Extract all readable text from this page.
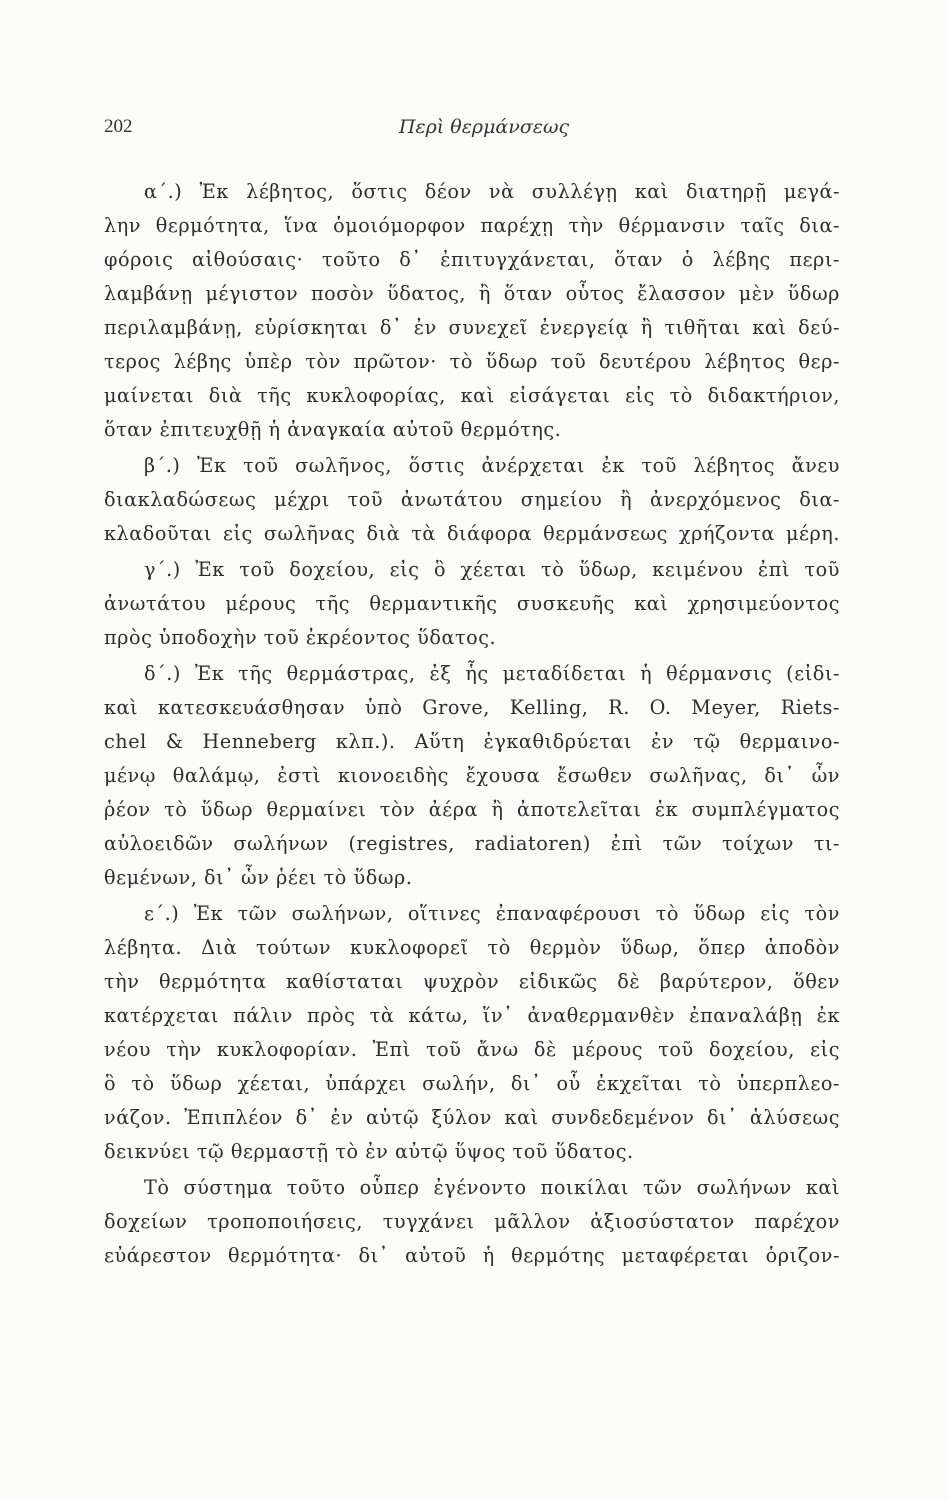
202	Περὶ θερμάνσεως
α΄.) Ἐκ λέβητος, ὅστις δέον νὰ συλλέγῃ καὶ διατηρῇ μεγά-
λην θερμότητα, ἵνα ὁμοιόμορφον παρέχῃ τὴν θέρμανσιν ταῖς δια-
φόροις αἰθούσαις· τοῦτο δ᾽ ἐπιτυγχάνεται, ὅταν ὁ λέβης περι-
λαμβάνῃ μέγιστον ποσὸν ὕδατος, ἢ ὅταν οὗτος ἔλασσον μὲν ὕδωρ
περιλαμβάνῃ, εὑρίσκηται δ᾽ ἐν συνεχεῖ ἐνεργείᾳ ἢ τιθῆται καὶ δεύ-
τερος λέβης ὑπὲρ τὸν πρῶτον· τὸ ὕδωρ τοῦ δευτέρου λέβητος θερ-
μαίνεται διὰ τῆς κυκλοφορίας, καὶ εἰσάγεται εἰς τὸ διδακτήριον,
ὅταν ἐπιτευχθῇ ἡ ἀναγκαία αὐτοῦ θερμότης.
β΄.) Ἐκ τοῦ σωλῆνος, ὅστις ἀνέρχεται ἐκ τοῦ λέβητος ἄνευ
διακλαδώσεως μέχρι τοῦ ἀνωτάτου σημείου ἢ ἀνερχόμενος δια-
κλαδοῦται εἰς σωλῆνας διὰ τὰ διάφορα θερμάνσεως χρήζοντα μέρη.
γ΄.) Ἐκ τοῦ δοχείου, εἰς ὃ χέεται τὸ ὕδωρ, κειμένου ἐπὶ τοῦ
ἀνωτάτου μέρους τῆς θερμαντικῆς συσκευῆς καὶ χρησιμεύοντος
πρὸς ὑποδοχὴν τοῦ ἐκρέοντος ὕδατος.
δ΄.) Ἐκ τῆς θερμάστρας, ἐξ ἧς μεταδίδεται ἡ θέρμανσις (εἰδι-
καὶ κατεσκευάσθησαν ὑπὸ Grove, Kelling, R. O. Meyer, Riets-
chel & Henneberg κλπ.). Αὕτη ἐγκαθιδρύεται ἐν τῷ θερμαινο-
μένῳ θαλάμῳ, ἐστὶ κιονοειδὴς ἔχουσα ἔσωθεν σωλῆνας, δι᾽ ὧν
ῥέον τὸ ὕδωρ θερμαίνει τὸν ἀέρα ἢ ἀποτελεῖται ἐκ συμπλέγματος
αὐλοειδῶν σωλήνων (registres, radiatoren) ἐπὶ τῶν τοίχων τι-
θεμένων, δι᾽ ὧν ῥέει τὸ ὕδωρ.
ε΄.) Ἐκ τῶν σωλήνων, οἵτινες ἐπαναφέρουσι τὸ ὕδωρ εἰς τὸν
λέβητα. Διὰ τούτων κυκλοφορεῖ τὸ θερμὸν ὕδωρ, ὅπερ ἀποδὸν
τὴν θερμότητα καθίσταται ψυχρὸν εἰδικῶς δὲ βαρύτερον, ὅθεν
κατέρχεται πάλιν πρὸς τὰ κάτω, ἵν᾽ ἀναθερμανθὲν ἐπαναλάβῃ ἐκ
νέου τὴν κυκλοφορίαν. Ἐπὶ τοῦ ἄνω δὲ μέρους τοῦ δοχείου, εἰς
ὃ τὸ ὕδωρ χέεται, ὑπάρχει σωλήν, δι᾽ οὗ ἐκχεῖται τὸ ὑπερπλεο-
νάζον. Ἐπιπλέον δ᾽ ἐν αὐτῷ ξύλον καὶ συνδεδεμένον δι᾽ ἁλύσεως
δεικνύει τῷ θερμαστῇ τὸ ἐν αὐτῷ ὕψος τοῦ ὕδατος.
Τὸ σύστημα τοῦτο οὗπερ ἐγένοντο ποικίλαι τῶν σωλήνων καὶ
δοχείων τροποποιήσεις, τυγχάνει μᾶλλον ἀξιοσύστατον παρέχον
εὐάρεστον θερμότητα· δι᾽ αὐτοῦ ἡ θερμότης μεταφέρεται ὁριζον-
